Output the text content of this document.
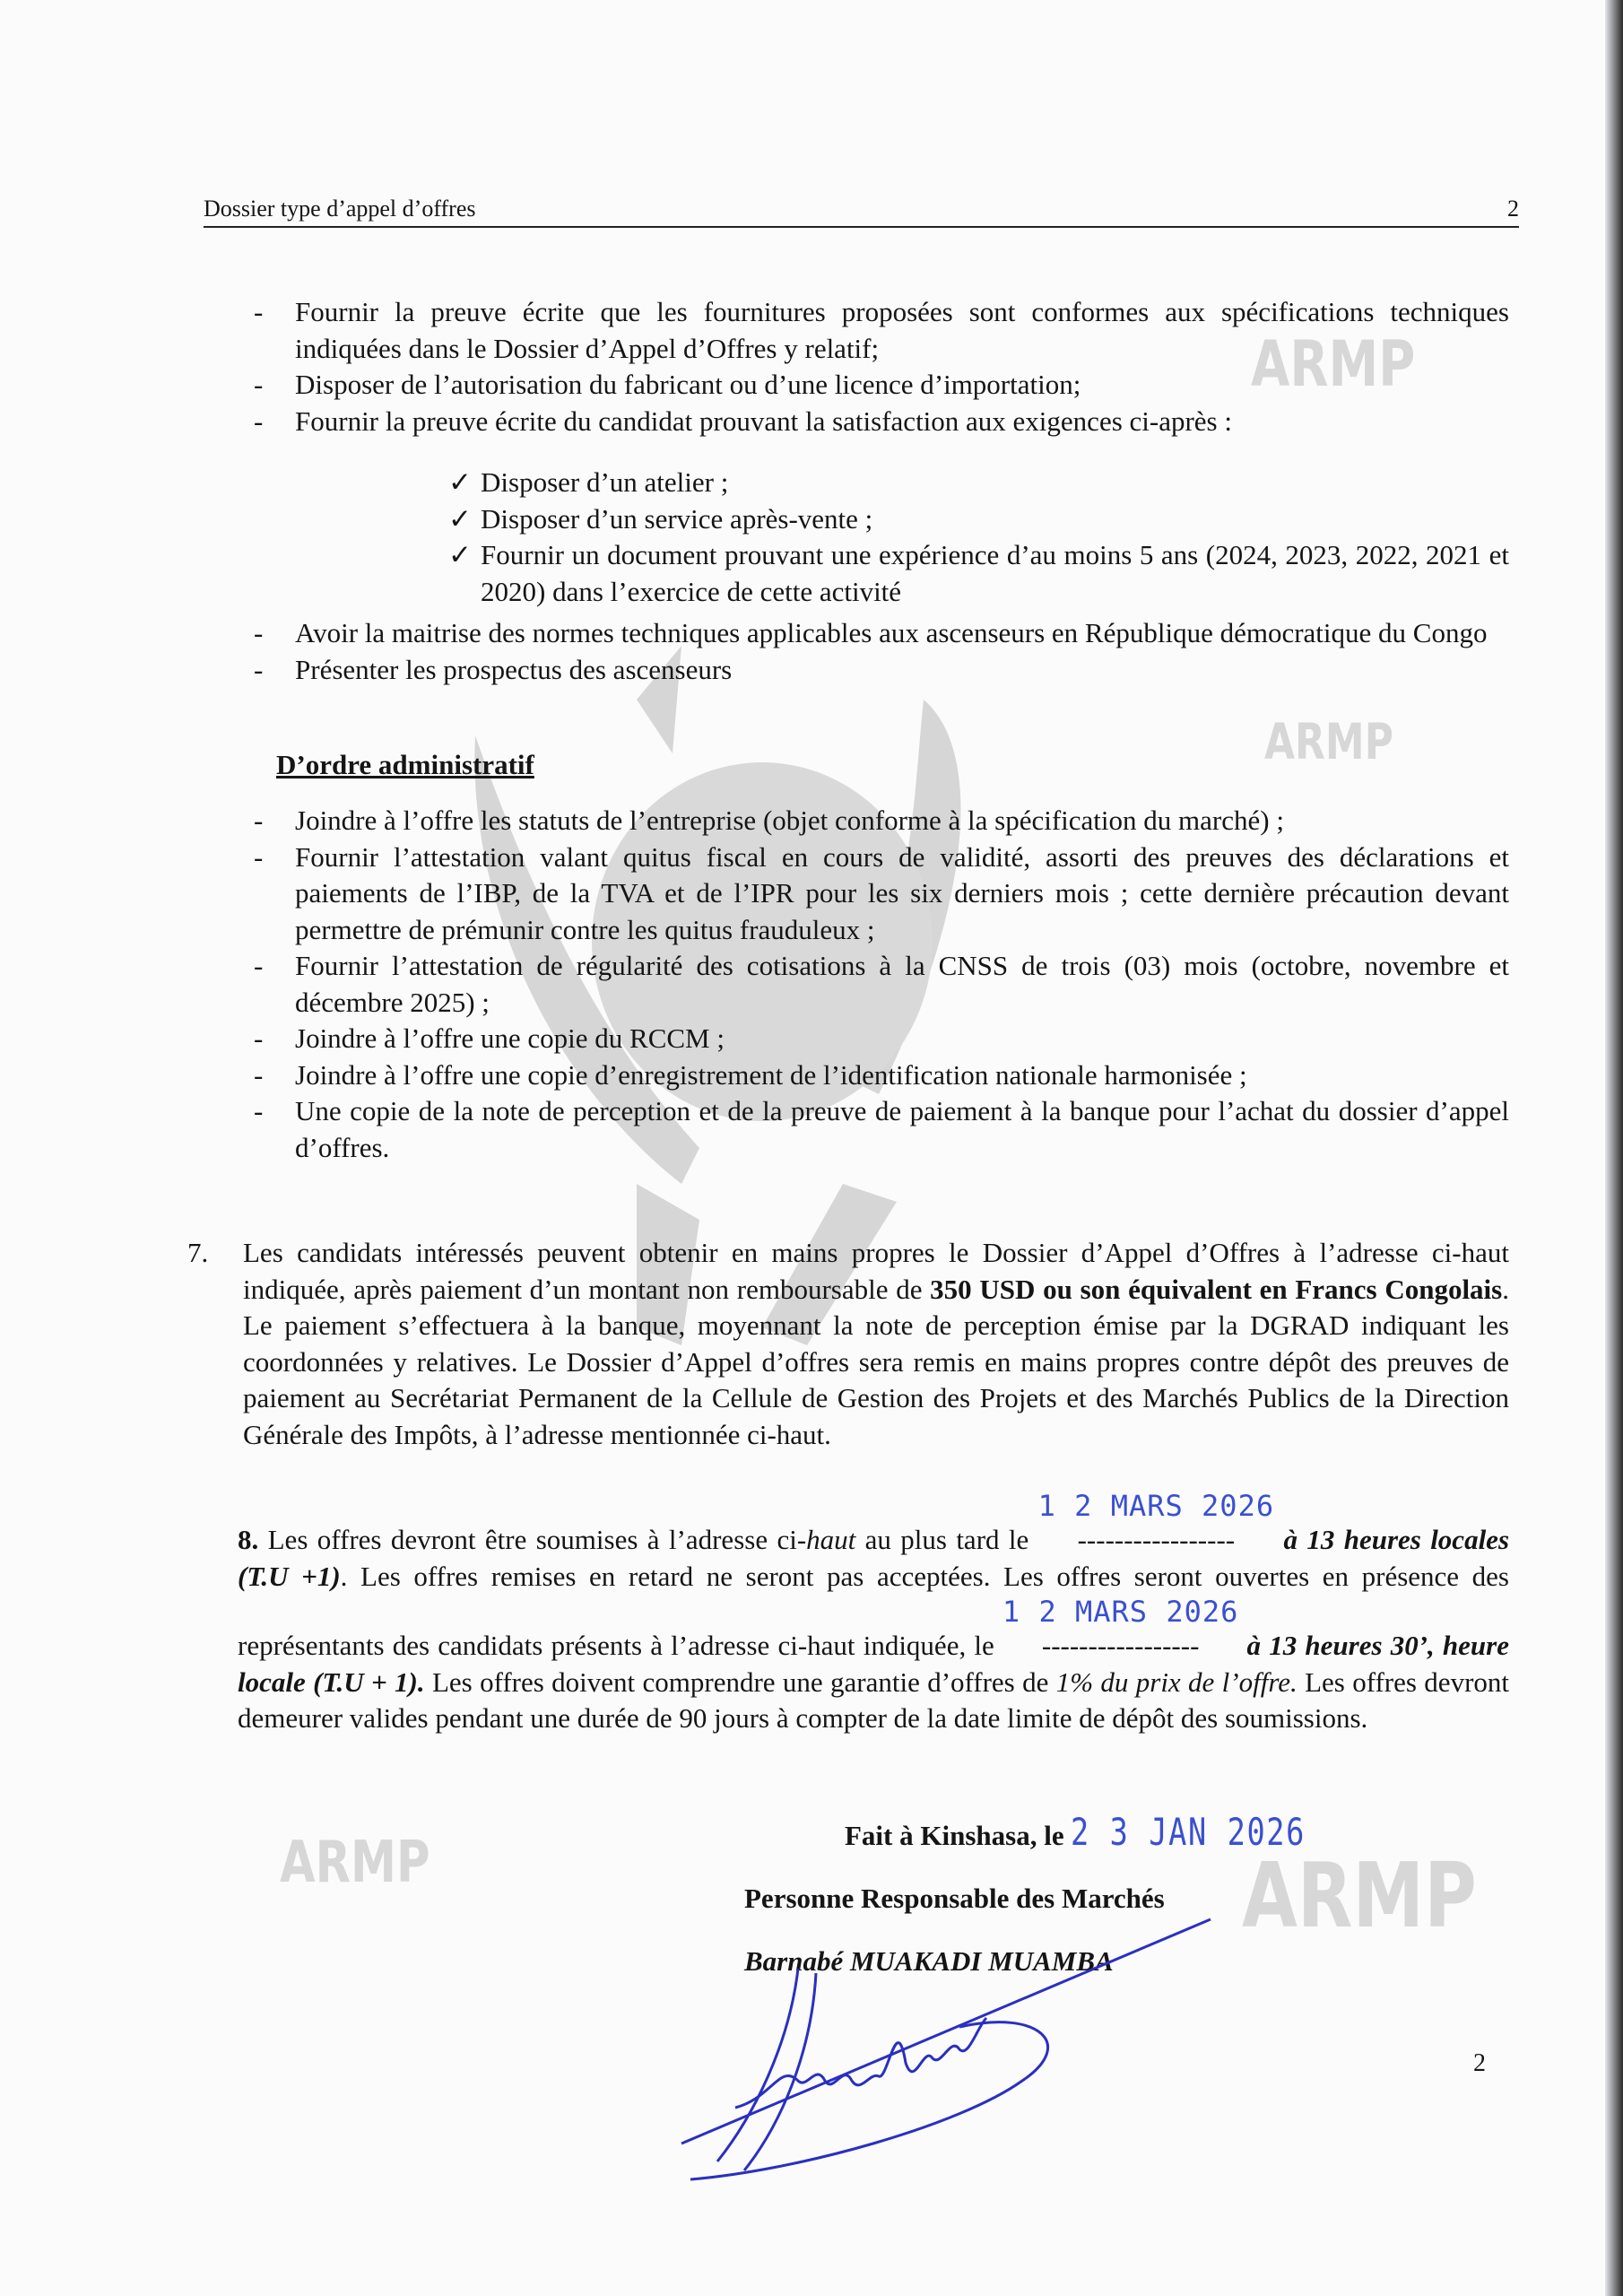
ARMP
ARMP
ARMP	ARMP
Dossier type d’appel d’offres	2
- Fournir la preuve écrite que les fournitures proposées sont conformes aux spécifications techniques indiquées dans le Dossier d’Appel d’Offres y relatif;
- Disposer de l’autorisation du fabricant ou d’une licence d’importation;
- Fournir la preuve écrite du candidat prouvant la satisfaction aux exigences ci-après :
✓ Disposer d’un atelier ;
✓ Disposer d’un service après-vente ;
✓ Fournir un document prouvant une expérience d’au moins 5 ans (2024, 2023, 2022, 2021 et 2020) dans l’exercice de cette activité
- Avoir la maitrise des normes techniques applicables aux ascenseurs en République démocratique du Congo
- Présenter les prospectus des ascenseurs
D’ordre administratif
- Joindre à l’offre les statuts de l’entreprise (objet conforme à la spécification du marché) ;
- Fournir l’attestation valant quitus fiscal en cours de validité, assorti des preuves des déclarations et paiements de l’IBP, de la TVA et de l’IPR pour les six derniers mois ; cette dernière précaution devant permettre de prémunir contre les quitus frauduleux ;
- Fournir l’attestation de régularité des cotisations à la CNSS de trois (03) mois (octobre, novembre et décembre 2025) ;
- Joindre à l’offre une copie du RCCM ;
- Joindre à l’offre une copie d’enregistrement de l’identification nationale harmonisée ;
- Une copie de la note de perception et de la preuve de paiement à la banque pour l’achat du dossier d’appel d’offres.
7. Les candidats intéressés peuvent obtenir en mains propres le Dossier d’Appel d’Offres à l’adresse ci-haut indiquée, après paiement d’un montant non remboursable de 350 USD ou son équivalent en Francs Congolais. Le paiement s’effectuera à la banque, moyennant la note de perception émise par la DGRAD indiquant les coordonnées y relatives. Le Dossier d’Appel d’offres sera remis en mains propres contre dépôt des preuves de paiement au Secrétariat Permanent de la Cellule de Gestion des Projets et des Marchés Publics de la Direction Générale des Impôts, à l’adresse mentionnée ci-haut.
8. Les offres devront être soumises à l’adresse ci-haut au plus tard le
1 2 MARS 2026
-----------------	à 13 heures locales (T.U +1). Les offres remises en retard ne seront pas acceptées. Les offres seront ouvertes en présence des représentants des candidats présents à l’adresse ci-haut indiquée, le
1 2 MARS 2026
-----------------	à 13 heures 30’, heure locale (T.U + 1). Les offres doivent comprendre une garantie d’offres de 1% du prix de l’offre. Les offres devront demeurer valides pendant une durée de 90 jours à compter de la date limite de dépôt des soumissions.
Fait à Kinshasa, le 2 3 JAN 2026
Personne Responsable des Marchés
Barnabé MUAKADI MUAMBA
2
